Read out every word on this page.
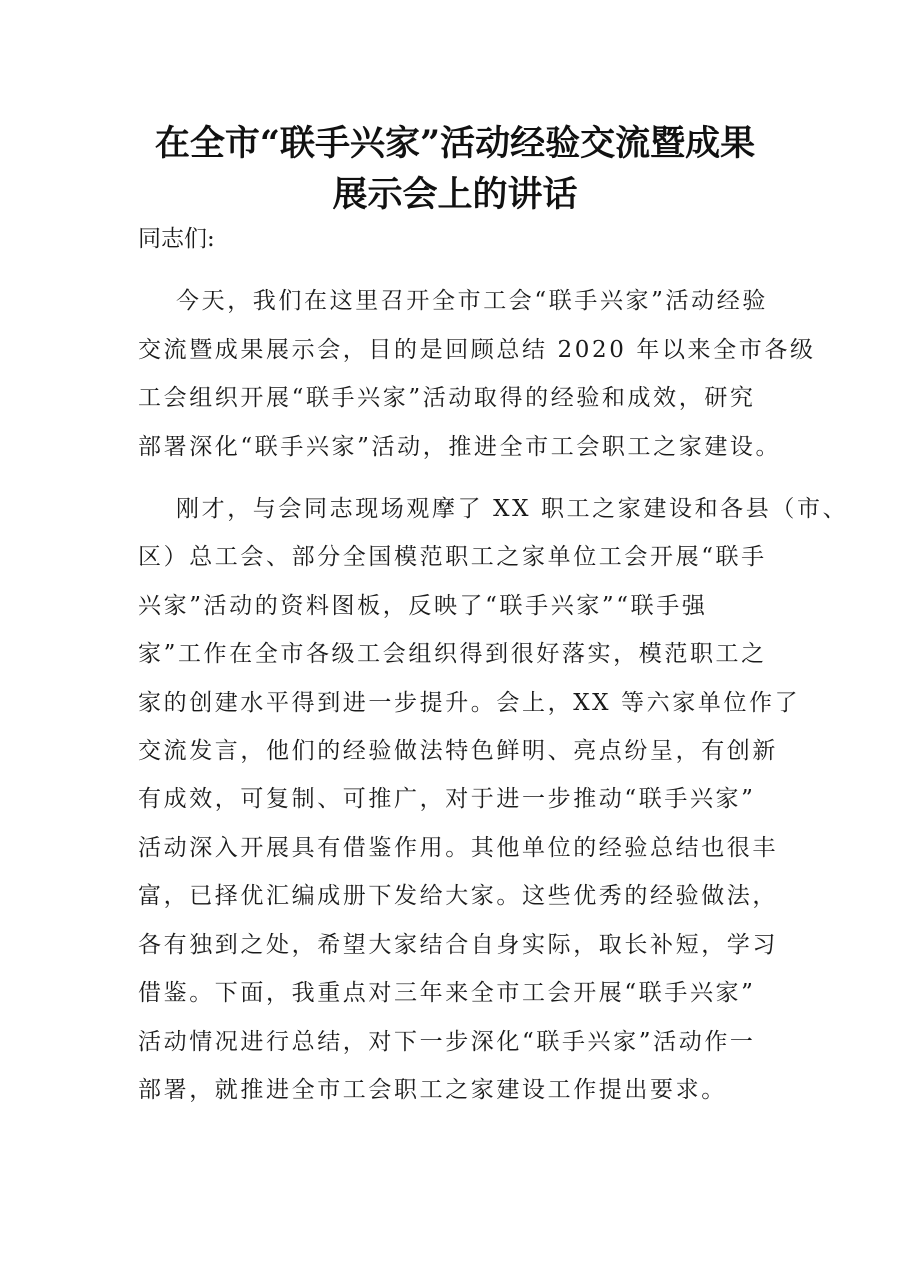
在全市“联手兴家”活动经验交流暨成果
展示会上的讲话
同志们:
今天，我们在这里召开全市工会“联手兴家”活动经验
交流暨成果展示会，目的是回顾总结 2020 年以来全市各级
工会组织开展“联手兴家”活动取得的经验和成效，研究
部署深化“联手兴家”活动，推进全市工会职工之家建设。
刚才，与会同志现场观摩了 XX 职工之家建设和各县（市、
区）总工会、部分全国模范职工之家单位工会开展“联手
兴家”活动的资料图板，反映了“联手兴家”“联手强
家”工作在全市各级工会组织得到很好落实，模范职工之
家的创建水平得到进一步提升。会上，XX 等六家单位作了
交流发言，他们的经验做法特色鲜明、亮点纷呈，有创新
有成效，可复制、可推广，对于进一步推动“联手兴家”
活动深入开展具有借鉴作用。其他单位的经验总结也很丰
富，已择优汇编成册下发给大家。这些优秀的经验做法，
各有独到之处，希望大家结合自身实际，取长补短，学习
借鉴。下面，我重点对三年来全市工会开展“联手兴家”
活动情况进行总结，对下一步深化“联手兴家”活动作一
部署，就推进全市工会职工之家建设工作提出要求。
